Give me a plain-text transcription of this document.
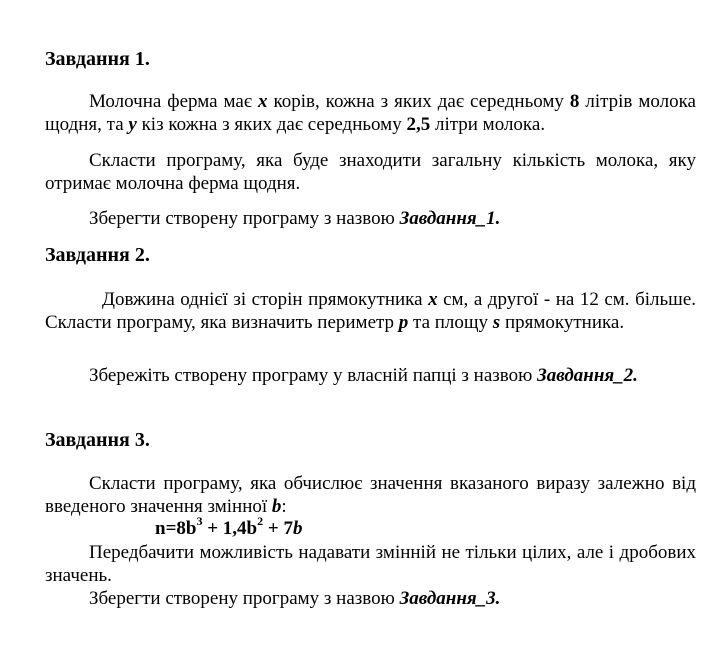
Завдання 1.

Молочна ферма має x корів, кожна з яких дає середньому 8 літрів молока щодня, та y кіз кожна з яких дає середньому 2,5 літри молока.

Скласти програму, яка буде знаходити загальну кількість молока, яку отримає молочна ферма щодня.

Зберегти створену програму з назвою Завдання_1.

Завдання 2.

Довжина однієї зі сторін прямокутника x см, а другої - на 12 см. більше. Скласти програму, яка визначить периметр p та площу s прямокутника.

Збережіть створену програму у власній папці з назвою Завдання_2.

Завдання 3.

Скласти програму, яка обчислює значення вказаного виразу залежно від введеного значення змінної b:

$n=8b^3 + 1,4b^2 + 7b$

Передбачити можливість надавати змінній не тільки цілих, але і дробових значень.

Зберегти створену програму з назвою Завдання_3.
